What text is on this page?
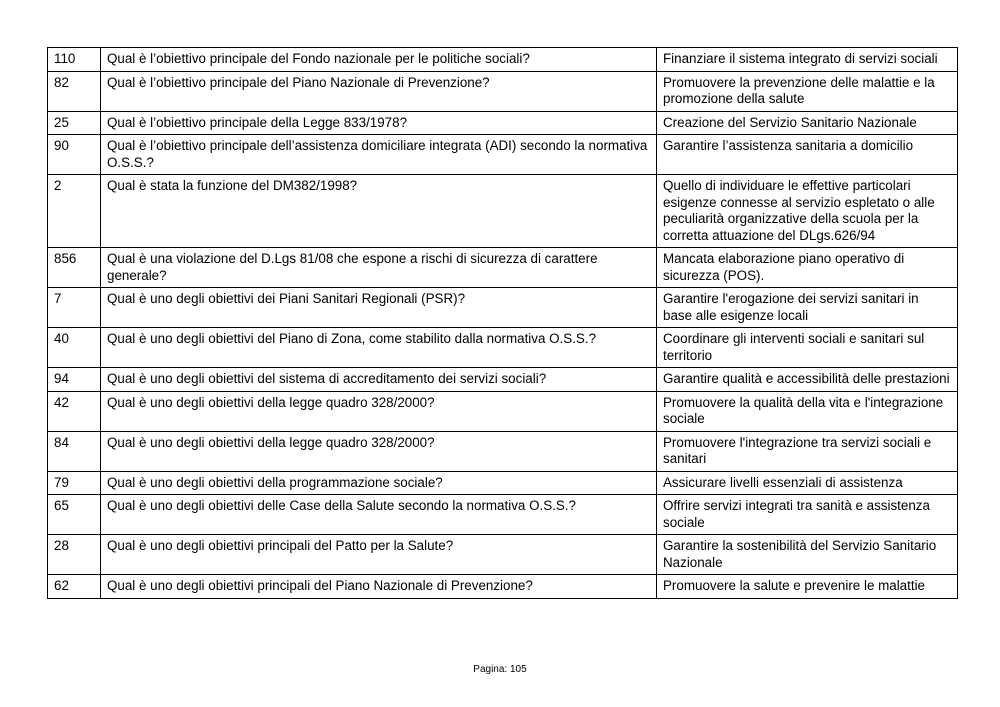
110	Qual è l’obiettivo principale del Fondo nazionale per le politiche sociali?	Finanziare il sistema integrato di servizi sociali
82	Qual è l’obiettivo principale del Piano Nazionale di Prevenzione?	Promuovere la prevenzione delle malattie e la promozione della salute
25	Qual è l’obiettivo principale della Legge 833/1978?	Creazione del Servizio Sanitario Nazionale
90	Qual è l’obiettivo principale dell’assistenza domiciliare integrata (ADI) secondo la normativa O.S.S.?	Garantire l’assistenza sanitaria a domicilio
2	Qual è stata la funzione del DM382/1998?	Quello di individuare le effettive particolari esigenze connesse al servizio espletato o alle peculiarità organizzative della scuola per la corretta attuazione del DLgs.626/94
856	Qual è una violazione del D.Lgs 81/08 che espone a rischi di sicurezza di carattere generale?	Mancata elaborazione piano operativo di sicurezza (POS).
7	Qual è uno degli obiettivi dei Piani Sanitari Regionali (PSR)?	Garantire l'erogazione dei servizi sanitari in base alle esigenze locali
40	Qual è uno degli obiettivi del Piano di Zona, come stabilito dalla normativa O.S.S.?	Coordinare gli interventi sociali e sanitari sul territorio
94	Qual è uno degli obiettivi del sistema di accreditamento dei servizi sociali?	Garantire qualità e accessibilità delle prestazioni
42	Qual è uno degli obiettivi della legge quadro 328/2000?	Promuovere la qualità della vita e l'integrazione sociale
84	Qual è uno degli obiettivi della legge quadro 328/2000?	Promuovere l'integrazione tra servizi sociali e sanitari
79	Qual è uno degli obiettivi della programmazione sociale?	Assicurare livelli essenziali di assistenza
65	Qual è uno degli obiettivi delle Case della Salute secondo la normativa O.S.S.?	Offrire servizi integrati tra sanità e assistenza sociale
28	Qual è uno degli obiettivi principali del Patto per la Salute?	Garantire la sostenibilità del Servizio Sanitario Nazionale
62	Qual è uno degli obiettivi principali del Piano Nazionale di Prevenzione?	Promuovere la salute e prevenire le malattie
Pagina: 105
